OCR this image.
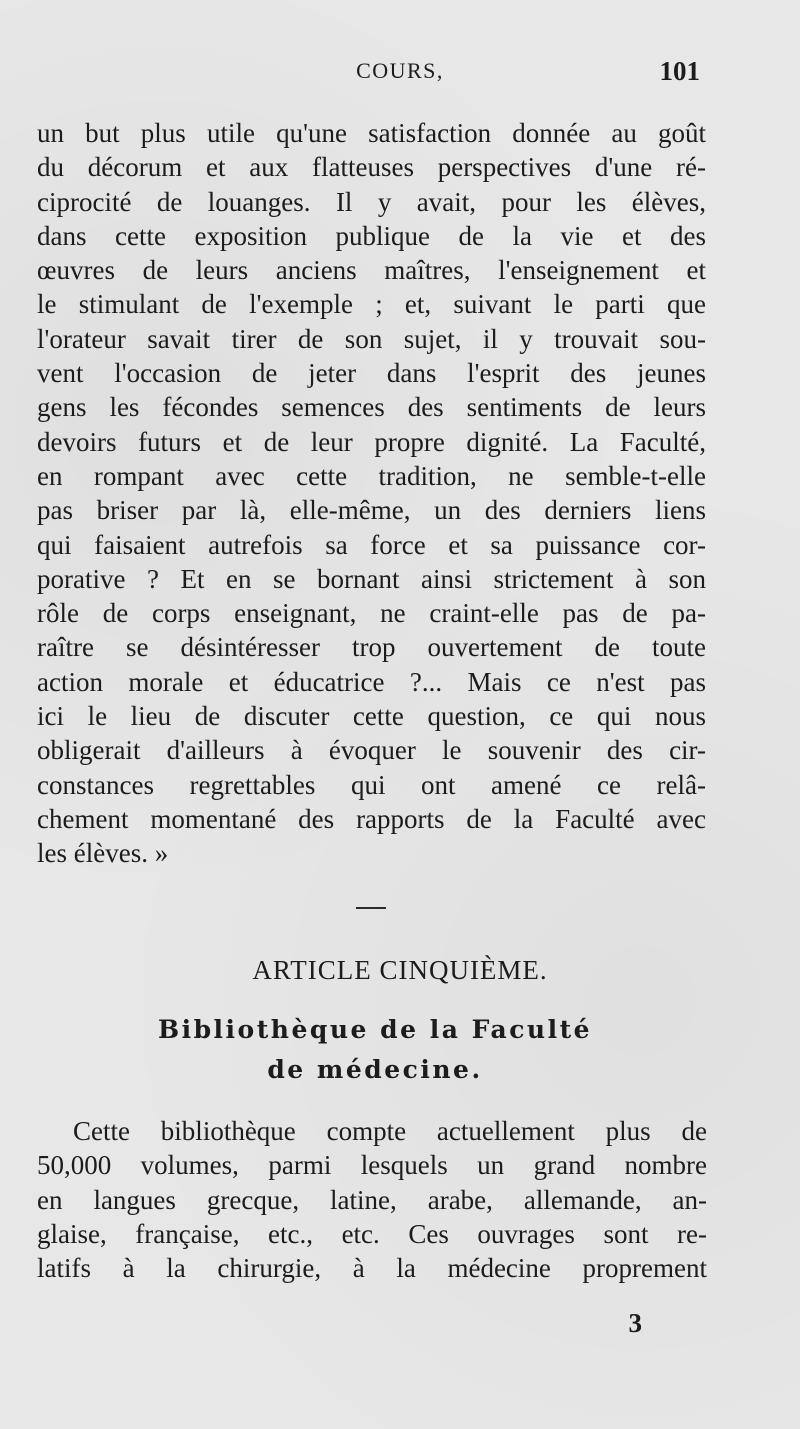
COURS,	101
un but plus utile qu'une satisfaction donnée au goût
du décorum et aux flatteuses perspectives d'une ré-
ciprocité de louanges. Il y avait, pour les élèves,
dans cette exposition publique de la vie et des
œuvres de leurs anciens maîtres, l'enseignement et
le stimulant de l'exemple ; et, suivant le parti que
l'orateur savait tirer de son sujet, il y trouvait sou-
vent l'occasion de jeter dans l'esprit des jeunes
gens les fécondes semences des sentiments de leurs
devoirs futurs et de leur propre dignité. La Faculté,
en rompant avec cette tradition, ne semble-t-elle
pas briser par là, elle-même, un des derniers liens
qui faisaient autrefois sa force et sa puissance cor-
porative ? Et en se bornant ainsi strictement à son
rôle de corps enseignant, ne craint-elle pas de pa-
raître se désintéresser trop ouvertement de toute
action morale et éducatrice ?... Mais ce n'est pas
ici le lieu de discuter cette question, ce qui nous
obligerait d'ailleurs à évoquer le souvenir des cir-
constances regrettables qui ont amené ce relâ-
chement momentané des rapports de la Faculté avec
les élèves. »
ARTICLE CINQUIÈME.
Bibliothèque de la Faculté
de médecine.
Cette bibliothèque compte actuellement plus de
50,000 volumes, parmi lesquels un grand nombre
en langues grecque, latine, arabe, allemande, an-
glaise, française, etc., etc. Ces ouvrages sont re-
latifs à la chirurgie, à la médecine proprement
3
